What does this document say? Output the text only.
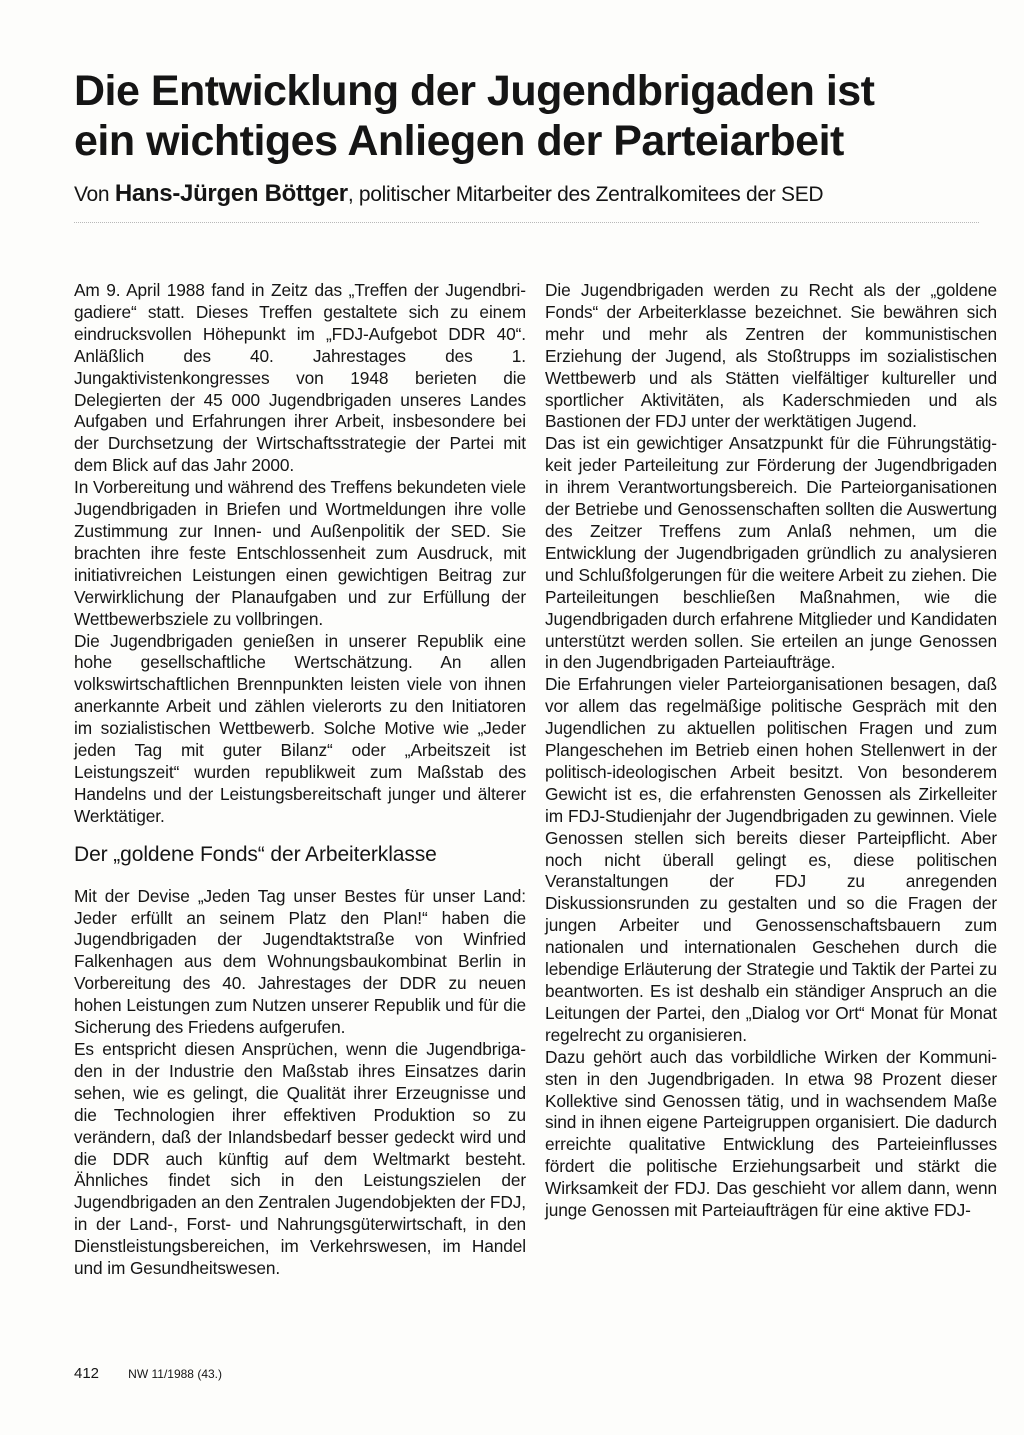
Die Entwicklung der Jugendbrigaden ist
ein wichtiges Anliegen der Parteiarbeit
Von Hans-Jürgen Böttger, politischer Mitarbeiter des Zentralkomitees der SED

Am 9. April 1988 fand in Zeitz das „Treffen der Jugendbrigadiere“ statt. Dieses Treffen gestaltete sich zu einem eindrucksvollen Höhepunkt im „FDJ-Aufgebot DDR 40“. Anläßlich des 40. Jahrestages des 1. Jungaktivistenkongresses von 1948 berieten die Delegierten der 45 000 Jugendbrigaden unseres Landes Aufgaben und Erfahrungen ihrer Arbeit, insbesondere bei der Durchsetzung der Wirtschaftsstrategie der Partei mit dem Blick auf das Jahr 2000.

In Vorbereitung und während des Treffens bekundeten viele Jugendbrigaden in Briefen und Wortmeldungen ihre volle Zustimmung zur Innen- und Außenpolitik der SED. Sie brachten ihre feste Entschlossenheit zum Ausdruck, mit initiativreichen Leistungen einen gewichtigen Beitrag zur Verwirklichung der Planaufgaben und zur Erfüllung der Wettbewerbsziele zu vollbringen.

Die Jugendbrigaden genießen in unserer Republik eine hohe gesellschaftliche Wertschätzung. An allen volkswirtschaftlichen Brennpunkten leisten viele von ihnen anerkannte Arbeit und zählen vielerorts zu den Initiatoren im sozialistischen Wettbewerb. Solche Motive wie „Jeder jeden Tag mit guter Bilanz“ oder „Arbeitszeit ist Leistungszeit“ wurden republikweit zum Maßstab des Handelns und der Leistungsbereitschaft junger und älterer Werktätiger.

Der „goldene Fonds“ der Arbeiterklasse

Mit der Devise „Jeden Tag unser Bestes für unser Land: Jeder erfüllt an seinem Platz den Plan!“ haben die Jugendbrigaden der Jugendtaktstraße von Winfried Falkenhagen aus dem Wohnungsbaukombinat Berlin in Vorbereitung des 40. Jahrestages der DDR zu neuen hohen Leistungen zum Nutzen unserer Republik und für die Sicherung des Friedens aufgerufen.

Es entspricht diesen Ansprüchen, wenn die Jugendbrigaden in der Industrie den Maßstab ihres Einsatzes darin sehen, wie es gelingt, die Qualität ihrer Erzeugnisse und die Technologien ihrer effektiven Produktion so zu verändern, daß der Inlandsbedarf besser gedeckt wird und die DDR auch künftig auf dem Weltmarkt besteht. Ähnliches findet sich in den Leistungszielen der Jugendbrigaden an den Zentralen Jugendobjekten der FDJ, in der Land-, Forst- und Nahrungsgüterwirtschaft, in den Dienstleistungsbereichen, im Verkehrswesen, im Handel und im Gesundheitswesen.

Die Jugendbrigaden werden zu Recht als der „goldene Fonds“ der Arbeiterklasse bezeichnet. Sie bewähren sich mehr und mehr als Zentren der kommunistischen Erziehung der Jugend, als Stoßtrupps im sozialistischen Wettbewerb und als Stätten vielfältiger kultureller und sportlicher Aktivitäten, als Kaderschmieden und als Bastionen der FDJ unter der werktätigen Jugend.

Das ist ein gewichtiger Ansatzpunkt für die Führungstätigkeit jeder Parteileitung zur Förderung der Jugendbrigaden in ihrem Verantwortungsbereich. Die Parteiorganisationen der Betriebe und Genossenschaften sollten die Auswertung des Zeitzer Treffens zum Anlaß nehmen, um die Entwicklung der Jugendbrigaden gründlich zu analysieren und Schlußfolgerungen für die weitere Arbeit zu ziehen. Die Parteileitungen beschließen Maßnahmen, wie die Jugendbrigaden durch erfahrene Mitglieder und Kandidaten unterstützt werden sollen. Sie erteilen an junge Genossen in den Jugendbrigaden Parteiaufträge.

Die Erfahrungen vieler Parteiorganisationen besagen, daß vor allem das regelmäßige politische Gespräch mit den Jugendlichen zu aktuellen politischen Fragen und zum Plangeschehen im Betrieb einen hohen Stellenwert in der politisch-ideologischen Arbeit besitzt. Von besonderem Gewicht ist es, die erfahrensten Genossen als Zirkelleiter im FDJ-Studienjahr der Jugendbrigaden zu gewinnen. Viele Genossen stellen sich bereits dieser Parteipflicht. Aber noch nicht überall gelingt es, diese politischen Veranstaltungen der FDJ zu anregenden Diskussionsrunden zu gestalten und so die Fragen der jungen Arbeiter und Genossenschaftsbauern zum nationalen und internationalen Geschehen durch die lebendige Erläuterung der Strategie und Taktik der Partei zu beantworten. Es ist deshalb ein ständiger Anspruch an die Leitungen der Partei, den „Dialog vor Ort“ Monat für Monat regelrecht zu organisieren.

Dazu gehört auch das vorbildliche Wirken der Kommunisten in den Jugendbrigaden. In etwa 98 Prozent dieser Kollektive sind Genossen tätig, und in wachsendem Maße sind in ihnen eigene Parteigruppen organisiert. Die dadurch erreichte qualitative Entwicklung des Parteieinflusses fördert die politische Erziehungsarbeit und stärkt die Wirksamkeit der FDJ. Das geschieht vor allem dann, wenn junge Genossen mit Parteiaufträgen für eine aktive FDJ-

412 NW 11/1988 (43.)
